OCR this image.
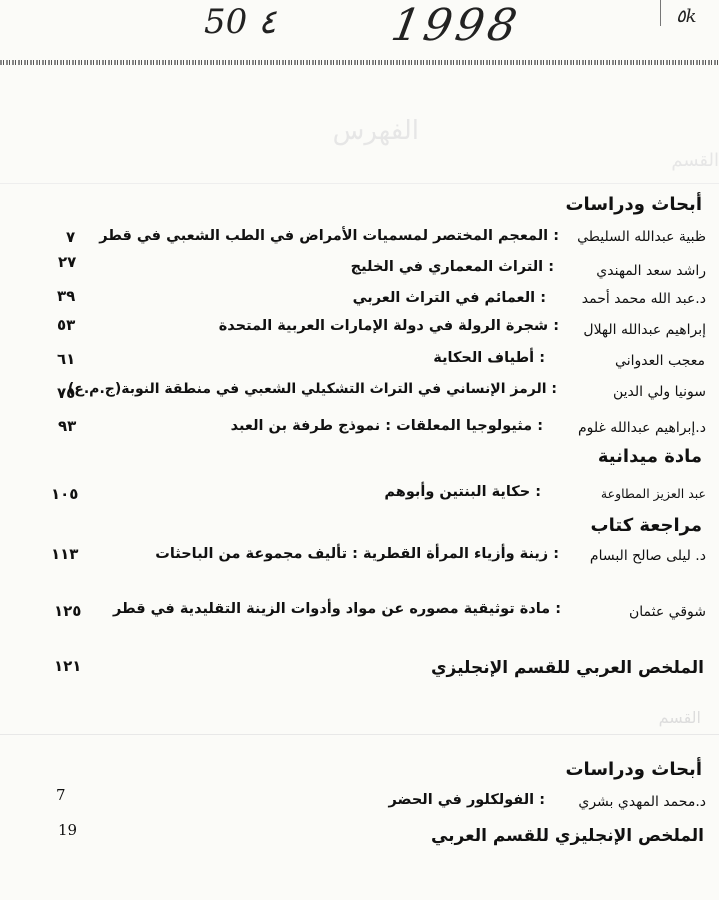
50 ٤	1998	٥k
الفهرس
القسم
أبحاث ودراسات
ظبية عبدالله السليطي
: المعجم المختصر لمسميات الأمراض في الطب الشعبي في قطر
٧
راشد سعد المهندي
: التراث المعماري في الخليج
٢٧
د.عبد الله محمد أحمد
: العمائم في التراث العربي
٣٩
إبراهيم عبدالله الهلال
: شجرة الرولة في دولة الإمارات العربية المتحدة
٥٣
معجب العدواني
: أطياف الحكاية
٦١
سونيا ولي الدين
: الرمز الإنساني في التراث التشكيلي الشعبي في منطقة النوبة(ج.م.ع)
٧٥
د.إبراهيم عبدالله غلوم
: مثيولوجيا المعلقات : نموذج طرفة بن العبد
٩٣
مادة ميدانية
عبد العزيز المطاوعة
: حكاية البنتين وأبوهم
١٠٥
مراجعة كتاب
د. ليلى صالح البسام
: زينة وأزياء المرأة القطرية : تأليف مجموعة من الباحثات
١١٣
شوقي عثمان
: مادة توثيقية مصوره عن مواد وأدوات الزينة التقليدية في قطر
١٢٥
الملخص العربي للقسم الإنجليزي
١٢١
القسم
أبحاث ودراسات
د.محمد المهدي بشري
: الفولكلور في الحضر
7
الملخص الإنجليزي للقسم العربي
19
